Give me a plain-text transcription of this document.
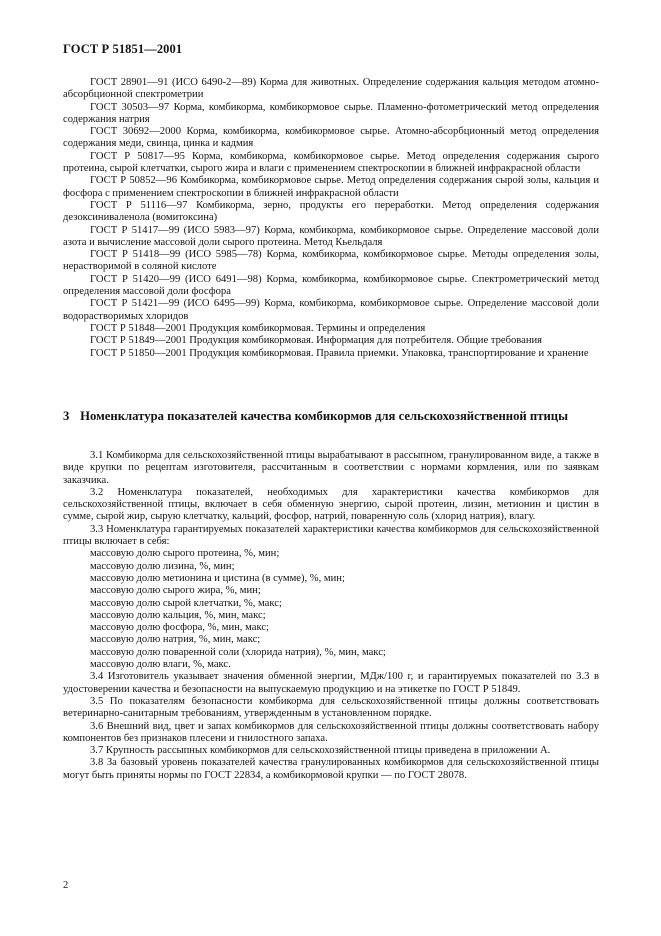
ГОСТ Р 51851—2001

ГОСТ 28901—91 (ИСО 6490-2—89) Корма для животных. Определение содержания кальция методом атомно-абсорбционной спектрометрии

ГОСТ 30503—97 Корма, комбикорма, комбикормовое сырье. Пламенно-фотометрический метод определения содержания натрия

ГОСТ 30692—2000 Корма, комбикорма, комбикормовое сырье. Атомно-абсорбционный метод определения содержания меди, свинца, цинка и кадмия

ГОСТ Р 50817—95 Корма, комбикорма, комбикормовое сырье. Метод определения содержания сырого протеина, сырой клетчатки, сырого жира и влаги с применением спектроскопии в ближней инфракрасной области

ГОСТ Р 50852—96 Комбикорма, комбикормовое сырье. Метод определения содержания сырой золы, кальция и фосфора с применением спектроскопии в ближней инфракрасной области

ГОСТ Р 51116—97 Комбикорма, зерно, продукты его переработки. Метод определения содержания дезоксиниваленола (вомитоксина)

ГОСТ Р 51417—99 (ИСО 5983—97) Корма, комбикорма, комбикормовое сырье. Определение массовой доли азота и вычисление массовой доли сырого протеина. Метод Кьельдаля

ГОСТ Р 51418—99 (ИСО 5985—78) Корма, комбикорма, комбикормовое сырье. Методы определения золы, нерастворимой в соляной кислоте

ГОСТ Р 51420—99 (ИСО 6491—98) Корма, комбикорма, комбикормовое сырье. Спектрометрический метод определения массовой доли фосфора

ГОСТ Р 51421—99 (ИСО 6495—99) Корма, комбикорма, комбикормовое сырье. Определение массовой доли водорастворимых хлоридов

ГОСТ Р 51848—2001 Продукция комбикормовая. Термины и определения

ГОСТ Р 51849—2001 Продукция комбикормовая. Информация для потребителя. Общие требования

ГОСТ Р 51850—2001 Продукция комбикормовая. Правила приемки. Упаковка, транспортирование и хранение

3 Номенклатура показателей качества комбикормов для сельскохозяйственной птицы

3.1 Комбикорма для сельскохозяйственной птицы вырабатывают в рассыпном, гранулированном виде, а также в виде крупки по рецептам изготовителя, рассчитанным в соответствии с нормами кормления, или по заявкам заказчика.

3.2 Номенклатура показателей, необходимых для характеристики качества комбикормов для сельскохозяйственной птицы, включает в себя обменную энергию, сырой протеин, лизин, метионин и цистин в сумме, сырой жир, сырую клетчатку, кальций, фосфор, натрий, поваренную соль (хлорид натрия), влагу.

3.3 Номенклатура гарантируемых показателей характеристики качества комбикормов для сельскохозяйственной птицы включает в себя:

массовую долю сырого протеина, %, мин;
массовую долю лизина, %, мин;
массовую долю метионина и цистина (в сумме), %, мин;
массовую долю сырого жира, %, мин;
массовую долю сырой клетчатки, %, макс;
массовую долю кальция, %, мин, макс;
массовую долю фосфора, %, мин, макс;
массовую долю натрия, %, мин, макс;
массовую долю поваренной соли (хлорида натрия), %, мин, макс;
массовую долю влаги, %, макс.

3.4 Изготовитель указывает значения обменной энергии, МДж/100 г, и гарантируемых показателей по 3.3 в удостоверении качества и безопасности на выпускаемую продукцию и на этикетке по ГОСТ Р 51849.

3.5 По показателям безопасности комбикорма для сельскохозяйственной птицы должны соответствовать ветеринарно-санитарным требованиям, утвержденным в установленном порядке.

3.6 Внешний вид, цвет и запах комбикормов для сельскохозяйственной птицы должны соответствовать набору компонентов без признаков плесени и гнилостного запаха.

3.7 Крупность рассыпных комбикормов для сельскохозяйственной птицы приведена в приложении А.

3.8 За базовый уровень показателей качества гранулированных комбикормов для сельскохозяйственной птицы могут быть приняты нормы по ГОСТ 22834, а комбикормовой крупки — по ГОСТ 28078.

2
